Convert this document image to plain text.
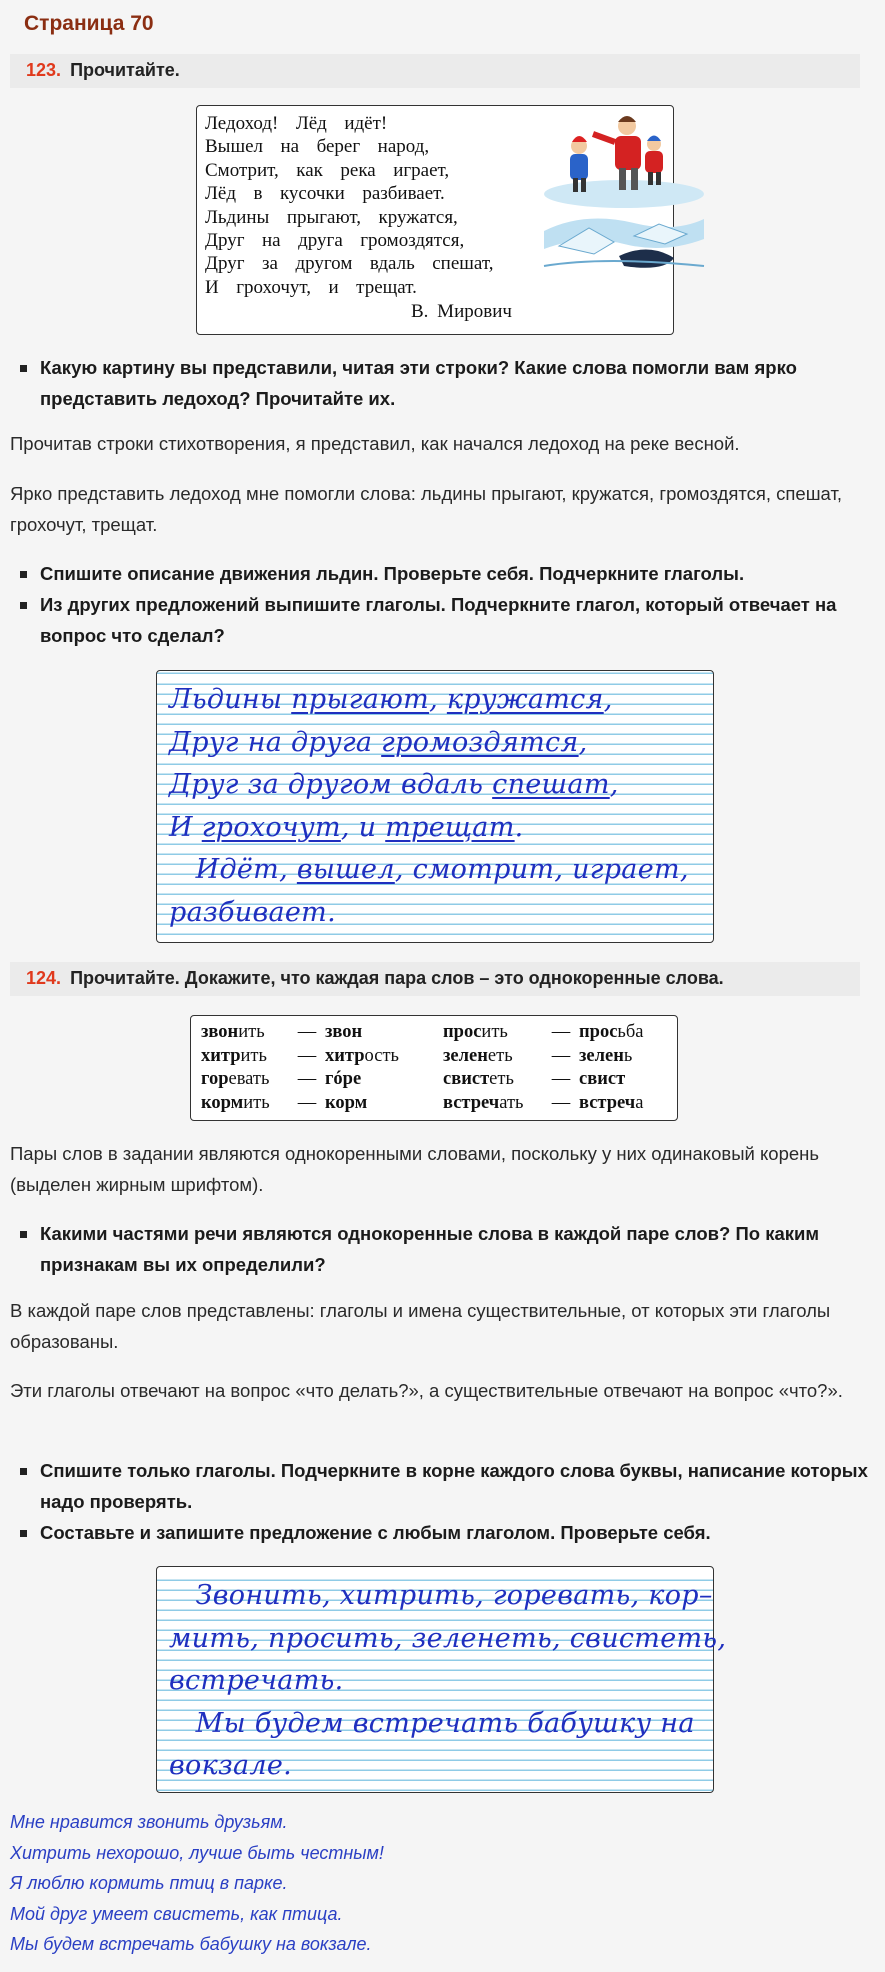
Страница 70
123. Прочитайте.
Ледоход!  Лёд  идёт!
Вышел  на  берег  народ,
Смотрит,  как  река  играет,
Лёд  в  кусочки  разбивает.
Льдины  прыгают,  кружатся,
Друг  на  друга  громоздятся,
Друг  за  другом  вдаль  спешат,
И  грохочут,  и  трещат.
В. Мирович
Какую картину вы представили, читая эти строки? Какие слова помогли вам ярко представить ледоход? Прочитайте их.
Прочитав строки стихотворения, я представил, как начался ледоход на реке весной.
Ярко представить ледоход мне помогли слова: льдины прыгают, кружатся, громоздятся, спешат, грохочут, трещат.
Спишите описание движения льдин. Проверьте себя. Подчеркните глаголы.
Из других предложений выпишите глаголы. Подчеркните глагол, который отвечает на вопрос что сделал?
Льдины прыгают, кружатся,
Друг на друга громоздятся,
Друг за другом вдаль спешат,
И грохочут, и трещат.
Идёт, вышел, смотрит, играет,
разбивает.
124. Прочитайте. Докажите, что каждая пара слов – это однокоренные слова.
звонить	— звон	просить	— просьба
хитрить	— хитрость	зеленеть	— зелень
горевать	— гóре	свистеть	— свист
кормить	— корм	встречать	— встреча
Пары слов в задании являются однокоренными словами, поскольку у них одинаковый корень (выделен жирным шрифтом).
Какими частями речи являются однокоренные слова в каждой паре слов? По каким признакам вы их определили?
В каждой паре слов представлены: глаголы и имена существительные, от которых эти глаголы образованы.
Эти глаголы отвечают на вопрос «что делать?», а существительные отвечают на вопрос «что?».
Спишите только глаголы. Подчеркните в корне каждого слова буквы, написание которых надо проверять.
Составьте и запишите предложение с любым глаголом. Проверьте себя.
Звонить, хитрить, горевать, кор–
мить, просить, зеленеть, свистеть,
встречать.
Мы будем встречать бабушку на
вокзале.
Мне нравится звонить друзьям.
Хитрить нехорошо, лучше быть честным!
Я люблю кормить птиц в парке.
Мой друг умеет свистеть, как птица.
Мы будем встречать бабушку на вокзале.
